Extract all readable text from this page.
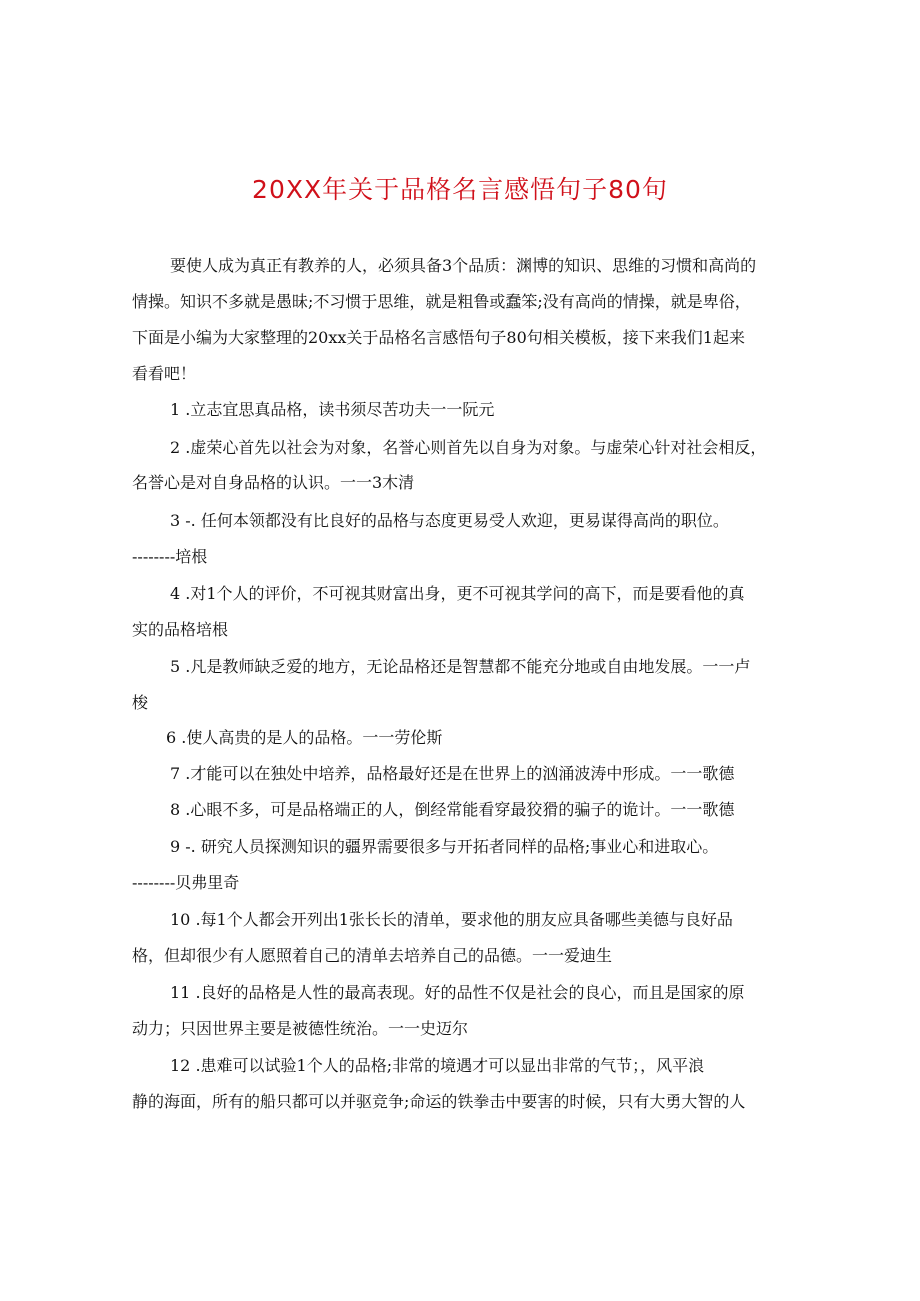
20XX年关于品格名言感悟句子80句
要使人成为真正有教养的人，必须具备3个品质：渊博的知识、思维的习惯和高尚的
情操。知识不多就是愚昧;不习惯于思维，就是粗鲁或蠢笨;没有高尚的情操，就是卑俗，
下面是小编为大家整理的20xx关于品格名言感悟句子80句相关模板，接下来我们1起来
看看吧！
1 .立志宜思真品格，读书须尽苦功夫一一阮元
2 .虚荣心首先以社会为对象，名誉心则首先以自身为对象。与虚荣心针对社会相反，
名誉心是对自身品格的认识。一一3木清
3 -. 任何本领都没有比良好的品格与态度更易受人欢迎，更易谋得高尚的职位。
--------培根
4 .对1个人的评价，不可视其财富出身，更不可视其学问的高下，而是要看他的真
实的品格培根
5 .凡是教师缺乏爱的地方，无论品格还是智慧都不能充分地或自由地发展。一一卢
梭
6 .使人高贵的是人的品格。一一劳伦斯
7 .才能可以在独处中培养，品格最好还是在世界上的汹涌波涛中形成。一一歌德
8 .心眼不多，可是品格端正的人，倒经常能看穿最狡猾的骗子的诡计。一一歌德
9 -. 研究人员探测知识的疆界需要很多与开拓者同样的品格;事业心和进取心。
--------贝弗里奇
10 .每1个人都会开列出1张长长的清单，要求他的朋友应具备哪些美德与良好品
格，但却很少有人愿照着自己的清单去培养自己的品德。一一爱迪生
11 .良好的品格是人性的最高表现。好的品性不仅是社会的良心，而且是国家的原
动力；只因世界主要是被德性统治。一一史迈尔
12 .患难可以试验1个人的品格;非常的境遇才可以显出非常的气节；，风平浪
静的海面，所有的船只都可以并驱竞争;命运的铁拳击中要害的时候，只有大勇大智的人
